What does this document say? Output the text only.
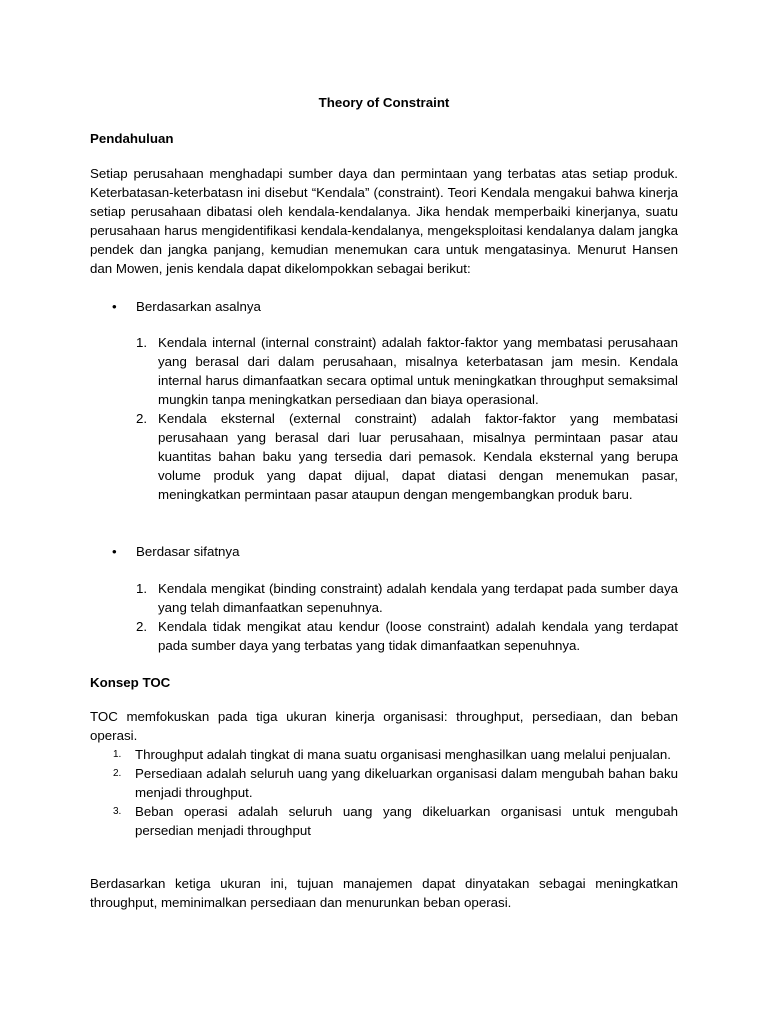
Theory of Constraint
Pendahuluan

Setiap perusahaan menghadapi sumber daya dan permintaan yang terbatas atas setiap produk. Keterbatasan-keterbatasn ini disebut “Kendala” (constraint). Teori Kendala mengakui bahwa kinerja setiap perusahaan dibatasi oleh kendala-kendalanya. Jika hendak memperbaiki kinerjanya, suatu perusahaan harus mengidentifikasi kendala-kendalanya, mengeksploitasi kendalanya dalam jangka pendek dan jangka panjang, kemudian menemukan cara untuk mengatasinya. Menurut Hansen dan Mowen, jenis kendala dapat dikelompokkan sebagai berikut:

• Berdasarkan asalnya
1. Kendala internal (internal constraint) adalah faktor-faktor yang membatasi perusahaan yang berasal dari dalam perusahaan, misalnya keterbatasan jam mesin. Kendala internal harus dimanfaatkan secara optimal untuk meningkatkan throughput semaksimal mungkin tanpa meningkatkan persediaan dan biaya operasional.
2. Kendala eksternal (external constraint) adalah faktor-faktor yang membatasi perusahaan yang berasal dari luar perusahaan, misalnya permintaan pasar atau kuantitas bahan baku yang tersedia dari pemasok. Kendala eksternal yang berupa volume produk yang dapat dijual, dapat diatasi dengan menemukan pasar, meningkatkan permintaan pasar ataupun dengan mengembangkan produk baru.
• Berdasar sifatnya
1. Kendala mengikat (binding constraint) adalah kendala yang terdapat pada sumber daya yang telah dimanfaatkan sepenuhnya.
2. Kendala tidak mengikat atau kendur (loose constraint) adalah kendala yang terdapat pada sumber daya yang terbatas yang tidak dimanfaatkan sepenuhnya.
Konsep TOC

TOC memfokuskan pada tiga ukuran kinerja organisasi: throughput, persediaan, dan beban operasi.

1. Throughput adalah tingkat di mana suatu organisasi menghasilkan uang melalui penjualan.
2. Persediaan adalah seluruh uang yang dikeluarkan organisasi dalam mengubah bahan baku menjadi throughput.
3. Beban operasi adalah seluruh uang yang dikeluarkan organisasi untuk mengubah persedian menjadi throughput

Berdasarkan ketiga ukuran ini, tujuan manajemen dapat dinyatakan sebagai meningkatkan throughput, meminimalkan persediaan dan menurunkan beban operasi.
